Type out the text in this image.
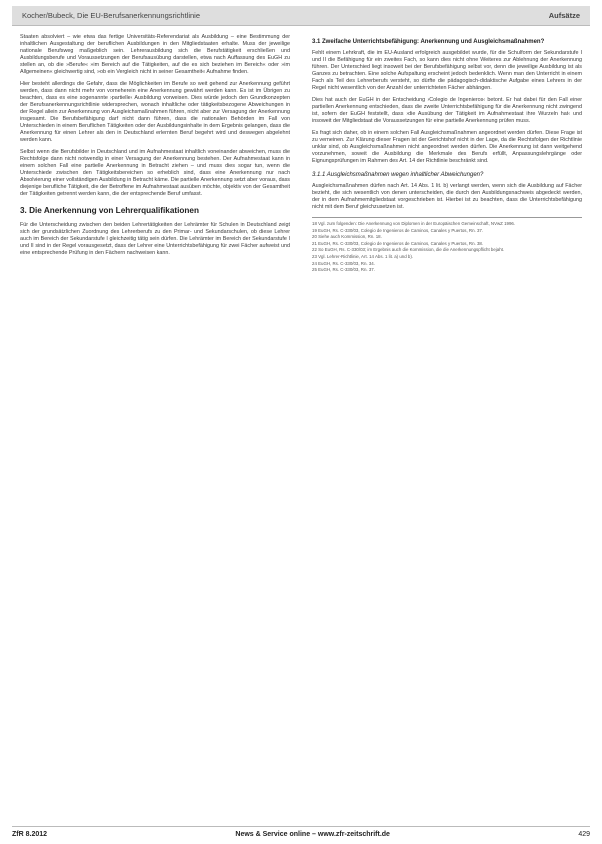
Kocher/Bubeck, Die EU-Berufsanerkennungsrichtlinie	Aufsätze

Staaten absolviert – wie etwa das fertige Universitäts-Referendariat als Ausbildung – eine Bestimmung der inhaltlichen Ausgestaltung der beruflichen Ausbildungen in den Mitgliedstaaten erhalte. Muss der jeweilige nationale Berufsweg maßgeblich sein. Lehrerausbildung sich die Berufstätigkeit erschließen und Ausbildungsberufe und Voraussetzungen der Berufsausübung darstellen, etwa nach Auffassung des EuGH zu stellen an, ob die »Berufe« »im Bereich auf die Tätigkeiten, auf die es sich beziehen im Bereich« oder »im Allgemeinen« gleichwertig sind, »ob ein Vergleich nicht in seiner Gesamtheit« Aufnahme finden.

Hier besteht allerdings die Gefahr, dass die Möglichkeiten im Berufe so weit gehend zur Anerkennung geführt werden, dass dann nicht mehr von vorneherein eine Anerkennung gewährt werden kann. Es ist im Übrigen zu beachten, dass es eine sogenannte ›partielle‹ Ausbildung vorweisen. Dies würde jedoch den Grundkonzepten der Berufsanerkennungsrichtlinie widersprechen, wonach inhaltliche oder tätigkeitsbezogene Abweichungen in der Regel allein zur Anerkennung von Ausgleichsmaßnahmen führen, nicht aber zur Versagung der Anerkennung insgesamt. Die Berufsbefähigung darf nicht dann führen, dass die nationalen Behörden im Fall von Unterschieden in einem Beruflichen Tätigkeiten oder der Ausbildungsinhalte in dem Ergebnis gelangen, dass die Anerkennung für einen Lehrer als den in Deutschland erlernten Beruf begehrt wird und deswegen abgelehnt werden kann.

Selbst wenn die Berufsbilder in Deutschland und im Aufnahmestaat inhaltlich voneinander abweichen, muss die Rechtsfolge dann nicht notwendig in einer Versagung der Anerkennung bestehen. Der Aufnahmestaat kann in einem solchen Fall eine partielle Anerkennung in Betracht ziehen – und muss dies sogar tun, wenn die Unterschiede zwischen den Tätigkeitsbereichen so erheblich sind, dass eine Anerkennung nur nach Absolvierung einer vollständigen Ausbildung in Betracht käme. Die partielle Anerkennung setzt aber voraus, dass diejenige berufliche Tätigkeit, die der Betroffene im Aufnahmestaat ausüben möchte, objektiv von der Gesamtheit der Tätigkeiten getrennt werden kann, die der entsprechende Beruf umfasst.

3. Die Anerkennung von Lehrerqualifikationen

Für die Unterscheidung zwischen den beiden Lehrertätigkeiten der Lehrämter für Schulen in Deutschland zeigt sich der grundsätzlichen Zuordnung des Lehrerberufs zu den Primar- und Sekundarschulen, ob diese Lehrer auch im Bereich der Sekundarstufe I gleichzeitig tätig sein dürfen. Die Lehrämter im Bereich der Sekundarstufe I und II sind in der Regel vorausgesetzt, dass der Lehrer eine Unterrichtsbefähigung für zwei Fächer aufweist und eine entsprechende Prüfung in den Fächern nachweisen kann.

3.1 Zweifache Unterrichtsbefähigung: Anerkennung und Ausgleichsmaßnahmen?

Fehlt einem Lehrkraft, die im EU-Ausland erfolgreich ausgebildet wurde, für die Schulform der Sekundarstufe I und II die Befähigung für ein zweites Fach, so kann dies nicht ohne Weiteres zur Ablehnung der Anerkennung führen. Der Unterschied liegt insoweit bei der Berufsbefähigung selbst vor, denn die jeweilige Ausbildung ist als Ganzes zu betrachten. Eine solche Aufspaltung erscheint jedoch bedenklich. Wenn man den Unterricht in einem Fach als Teil des Lehrerberufs versteht, so dürfte die pädagogisch-didaktische Aufgabe eines Lehrers in der Regel nicht wesentlich von der Anzahl der unterrichteten Fächer abhängen.

Dies hat auch der EuGH in der Entscheidung ›Colegio de Ingenieros‹ betont. Er hat dabei für den Fall einer partiellen Anerkennung entschieden, dass die zweite Unterrichtsbefähigung für die Anerkennung nicht zwingend ist, sofern der EuGH feststellt, dass ›die Ausübung der Tätigkeit im Aufnahmestaat ihre Wurzeln hat‹ und insoweit der Mitgliedstaat die Voraussetzungen für eine partielle Anerkennung prüfen muss.

Es fragt sich daher, ob in einem solchen Fall Ausgleichsmaßnahmen angeordnet werden dürfen. Diese Frage ist zu verneinen. Zur Klärung dieser Fragen ist der Gerichtshof nicht in der Lage, da die Rechtsfolgen der Richtlinie unklar sind, ob Ausgleichsmaßnahmen nicht angeordnet werden dürfen. Die Anerkennung ist dann weitgehend vorzunehmen, soweit die Ausbildung die Merkmale des Berufs erfüllt, Anpassungslehrgänge oder Eignungsprüfungen im Rahmen des Art. 14 der Richtlinie beschränkt sind.

3.1.1 Ausgleichsmaßnahmen wegen inhaltlicher Abweichungen?

Ausgleichsmaßnahmen dürfen nach Art. 14 Abs. 1 lit. b) verlangt werden, wenn sich die Ausbildung auf Fächer bezieht, die sich wesentlich von denen unterscheiden, die durch den Ausbildungsnachweis abgedeckt werden, der in dem Aufnahmemitgliedstaat vorgeschrieben ist. Hierbei ist zu beachten, dass die Unterrichtsbefähigung nicht mit dem Beruf gleichzusetzen ist.

18 Vgl. zum folgenden: Die Anerkennung von Diplomen in der Europäischen Gemeinschaft, NVwZ 1996.
19 EuGH, Rs. C-330/03, Colegio de Ingenieros de Caminos, Canales y Puertos, Rn. 37.
20 Siehe auch Kommission, Rn. 18.
21 EuGH, Rs. C-330/03, Colegio de Ingenieros de Caminos, Canales y Puertos, Rn. 38.
22 So EuGH, Rs. C-330/03; im Ergebnis auch die Kommission, die die Anerkennungspflicht bejaht.
23 Vgl. Lehrer-Richtlinie, Art. 14 Abs. 1 lit. a) und b).
24 EuGH, Rs. C-330/03, Rn. 34.
25 EuGH, Rs. C-330/03, Rn. 37.
ZfR 8.2012	News & Service online – www.zfr-zeitschrift.de	429
